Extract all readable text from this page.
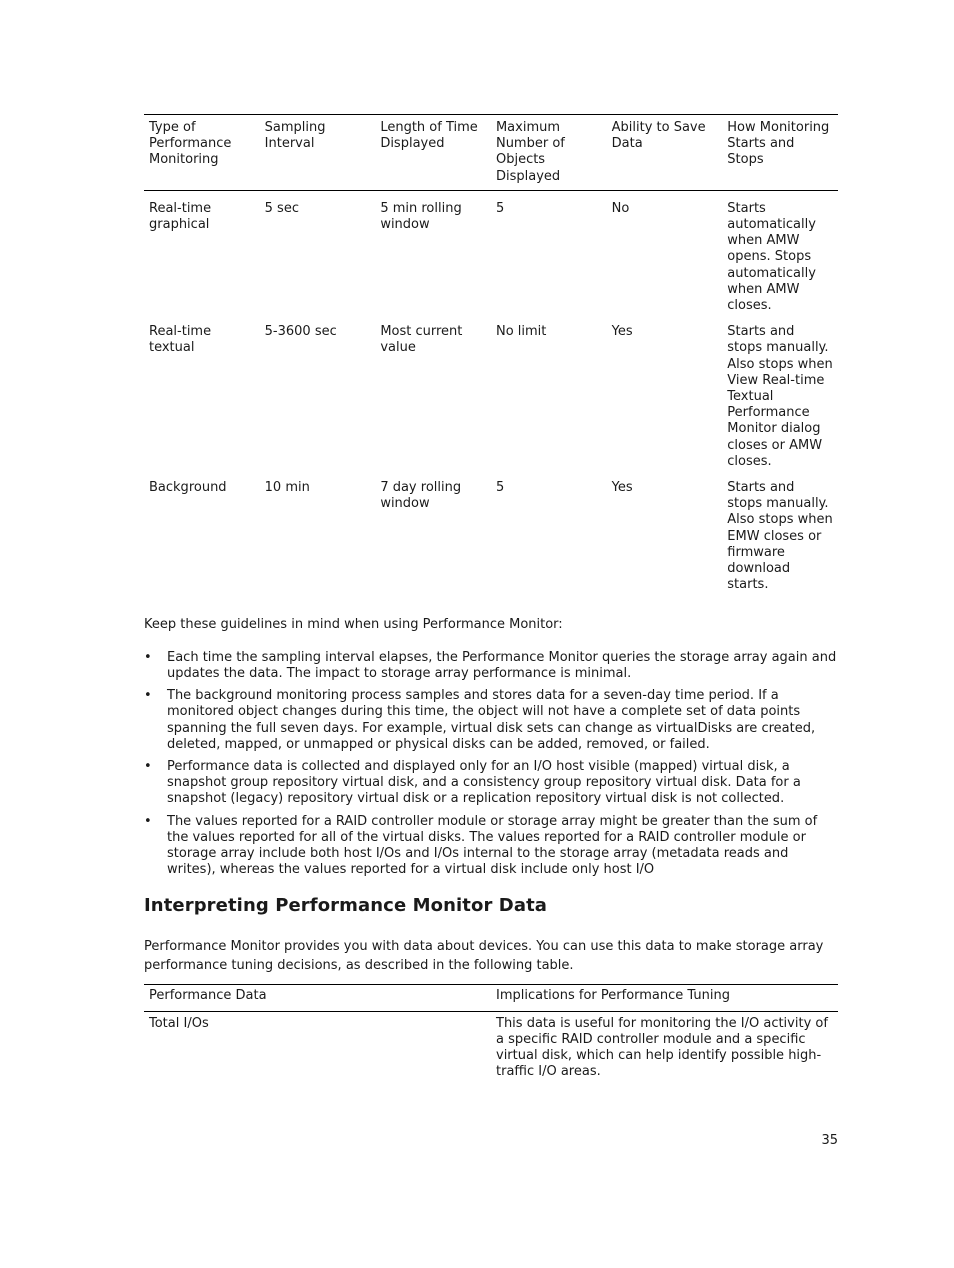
Type of Performance Monitoring	Sampling Interval	Length of Time Displayed	Maximum Number of Objects Displayed	Ability to Save Data	How Monitoring Starts and Stops
Real-time graphical	5 sec	5 min rolling window	5	No	Starts automatically when AMW opens. Stops automatically when AMW closes.
Real-time textual	5-3600 sec	Most current value	No limit	Yes	Starts and stops manually. Also stops when View Real-time Textual Performance Monitor dialog closes or AMW closes.
Background	10 min	7 day rolling window	5	Yes	Starts and stops manually. Also stops when EMW closes or firmware download starts.

Keep these guidelines in mind when using Performance Monitor:

•	Each time the sampling interval elapses, the Performance Monitor queries the storage array again and updates the data. The impact to storage array performance is minimal.
•	The background monitoring process samples and stores data for a seven-day time period. If a monitored object changes during this time, the object will not have a complete set of data points spanning the full seven days. For example, virtual disk sets can change as virtualDisks are created, deleted, mapped, or unmapped or physical disks can be added, removed, or failed.
•	Performance data is collected and displayed only for an I/O host visible (mapped) virtual disk, a snapshot group repository virtual disk, and a consistency group repository virtual disk. Data for a snapshot (legacy) repository virtual disk or a replication repository virtual disk is not collected.
•	The values reported for a RAID controller module or storage array might be greater than the sum of the values reported for all of the virtual disks. The values reported for a RAID controller module or storage array include both host I/Os and I/Os internal to the storage array (metadata reads and writes), whereas the values reported for a virtual disk include only host I/O
Interpreting Performance Monitor Data

Performance Monitor provides you with data about devices. You can use this data to make storage array performance tuning decisions, as described in the following table.

Performance Data	Implications for Performance Tuning
Total I/Os	This data is useful for monitoring the I/O activity of a specific RAID controller module and a specific virtual disk, which can help identify possible high-traffic I/O areas.
35
